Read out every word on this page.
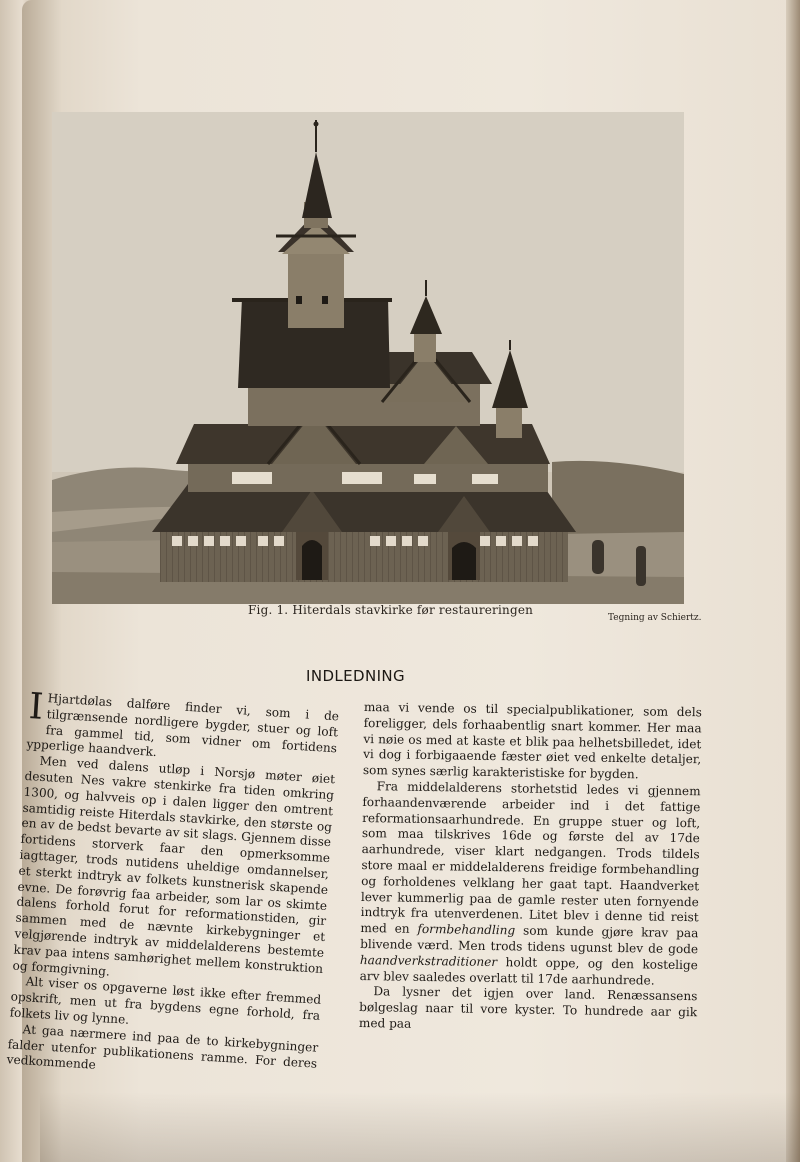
Fig. 1. Hiterdals stavkirke før restaureringen
Tegning av Schiertz.
INDLEDNING

I Hjartdølas dalføre finder vi, som i de tilgrænsende nordligere bygder, stuer og loft fra gammel tid, som vidner om fortidens ypperlige haandverk.

Men ved dalens utløp i Norsjø møter øiet desuten Nes vakre stenkirke fra tiden omkring 1300, og halvveis op i dalen ligger den omtrent samtidig reiste Hiterdals stavkirke, den største og en av de bedst bevarte av sit slags. Gjennem disse fortidens storverk faar den opmerksomme iagttager, trods nutidens uheldige omdannelser, et sterkt indtryk av folkets kunstnerisk skapende evne. De forøvrig faa arbeider, som lar os skimte dalens forhold forut for reformationstiden, gir sammen med de nævnte kirkebygninger et velgjørende indtryk av middelalderens bestemte krav paa intens samhørighet mellem konstruktion og formgivning.

Alt viser os opgaverne løst ikke efter fremmed opskrift, men ut fra bygdens egne forhold, fra folkets liv og lynne.

At gaa nærmere ind paa de to kirkebygninger falder utenfor publikationens ramme. For deres vedkommende

maa vi vende os til specialpublikationer, som dels foreligger, dels forhaabentlig snart kommer. Her maa vi nøie os med at kaste et blik paa helhetsbilledet, idet vi dog i forbigaaende fæster øiet ved enkelte detaljer, som synes særlig karakteristiske for bygden.

Fra middelalderens storhetstid ledes vi gjennem forhaandenværende arbeider ind i det fattige reformationsaarhundrede. En gruppe stuer og loft, som maa tilskrives 16de og første del av 17de aarhundrede, viser klart nedgangen. Trods tildels store maal er middelalderens freidige formbehandling og forholdenes velklang her gaat tapt. Haandverket lever kummerlig paa de gamle rester uten fornyende indtryk fra utenverdenen. Litet blev i denne tid reist med en formbehandling som kunde gjøre krav paa blivende værd. Men trods tidens ugunst blev de gode haandverkstraditioner holdt oppe, og den kostelige arv blev saaledes overlatt til 17de aarhundrede.

Da lysner det igjen over land. Renæssansens bølgeslag naar til vore kyster. To hundrede aar gik med paa
